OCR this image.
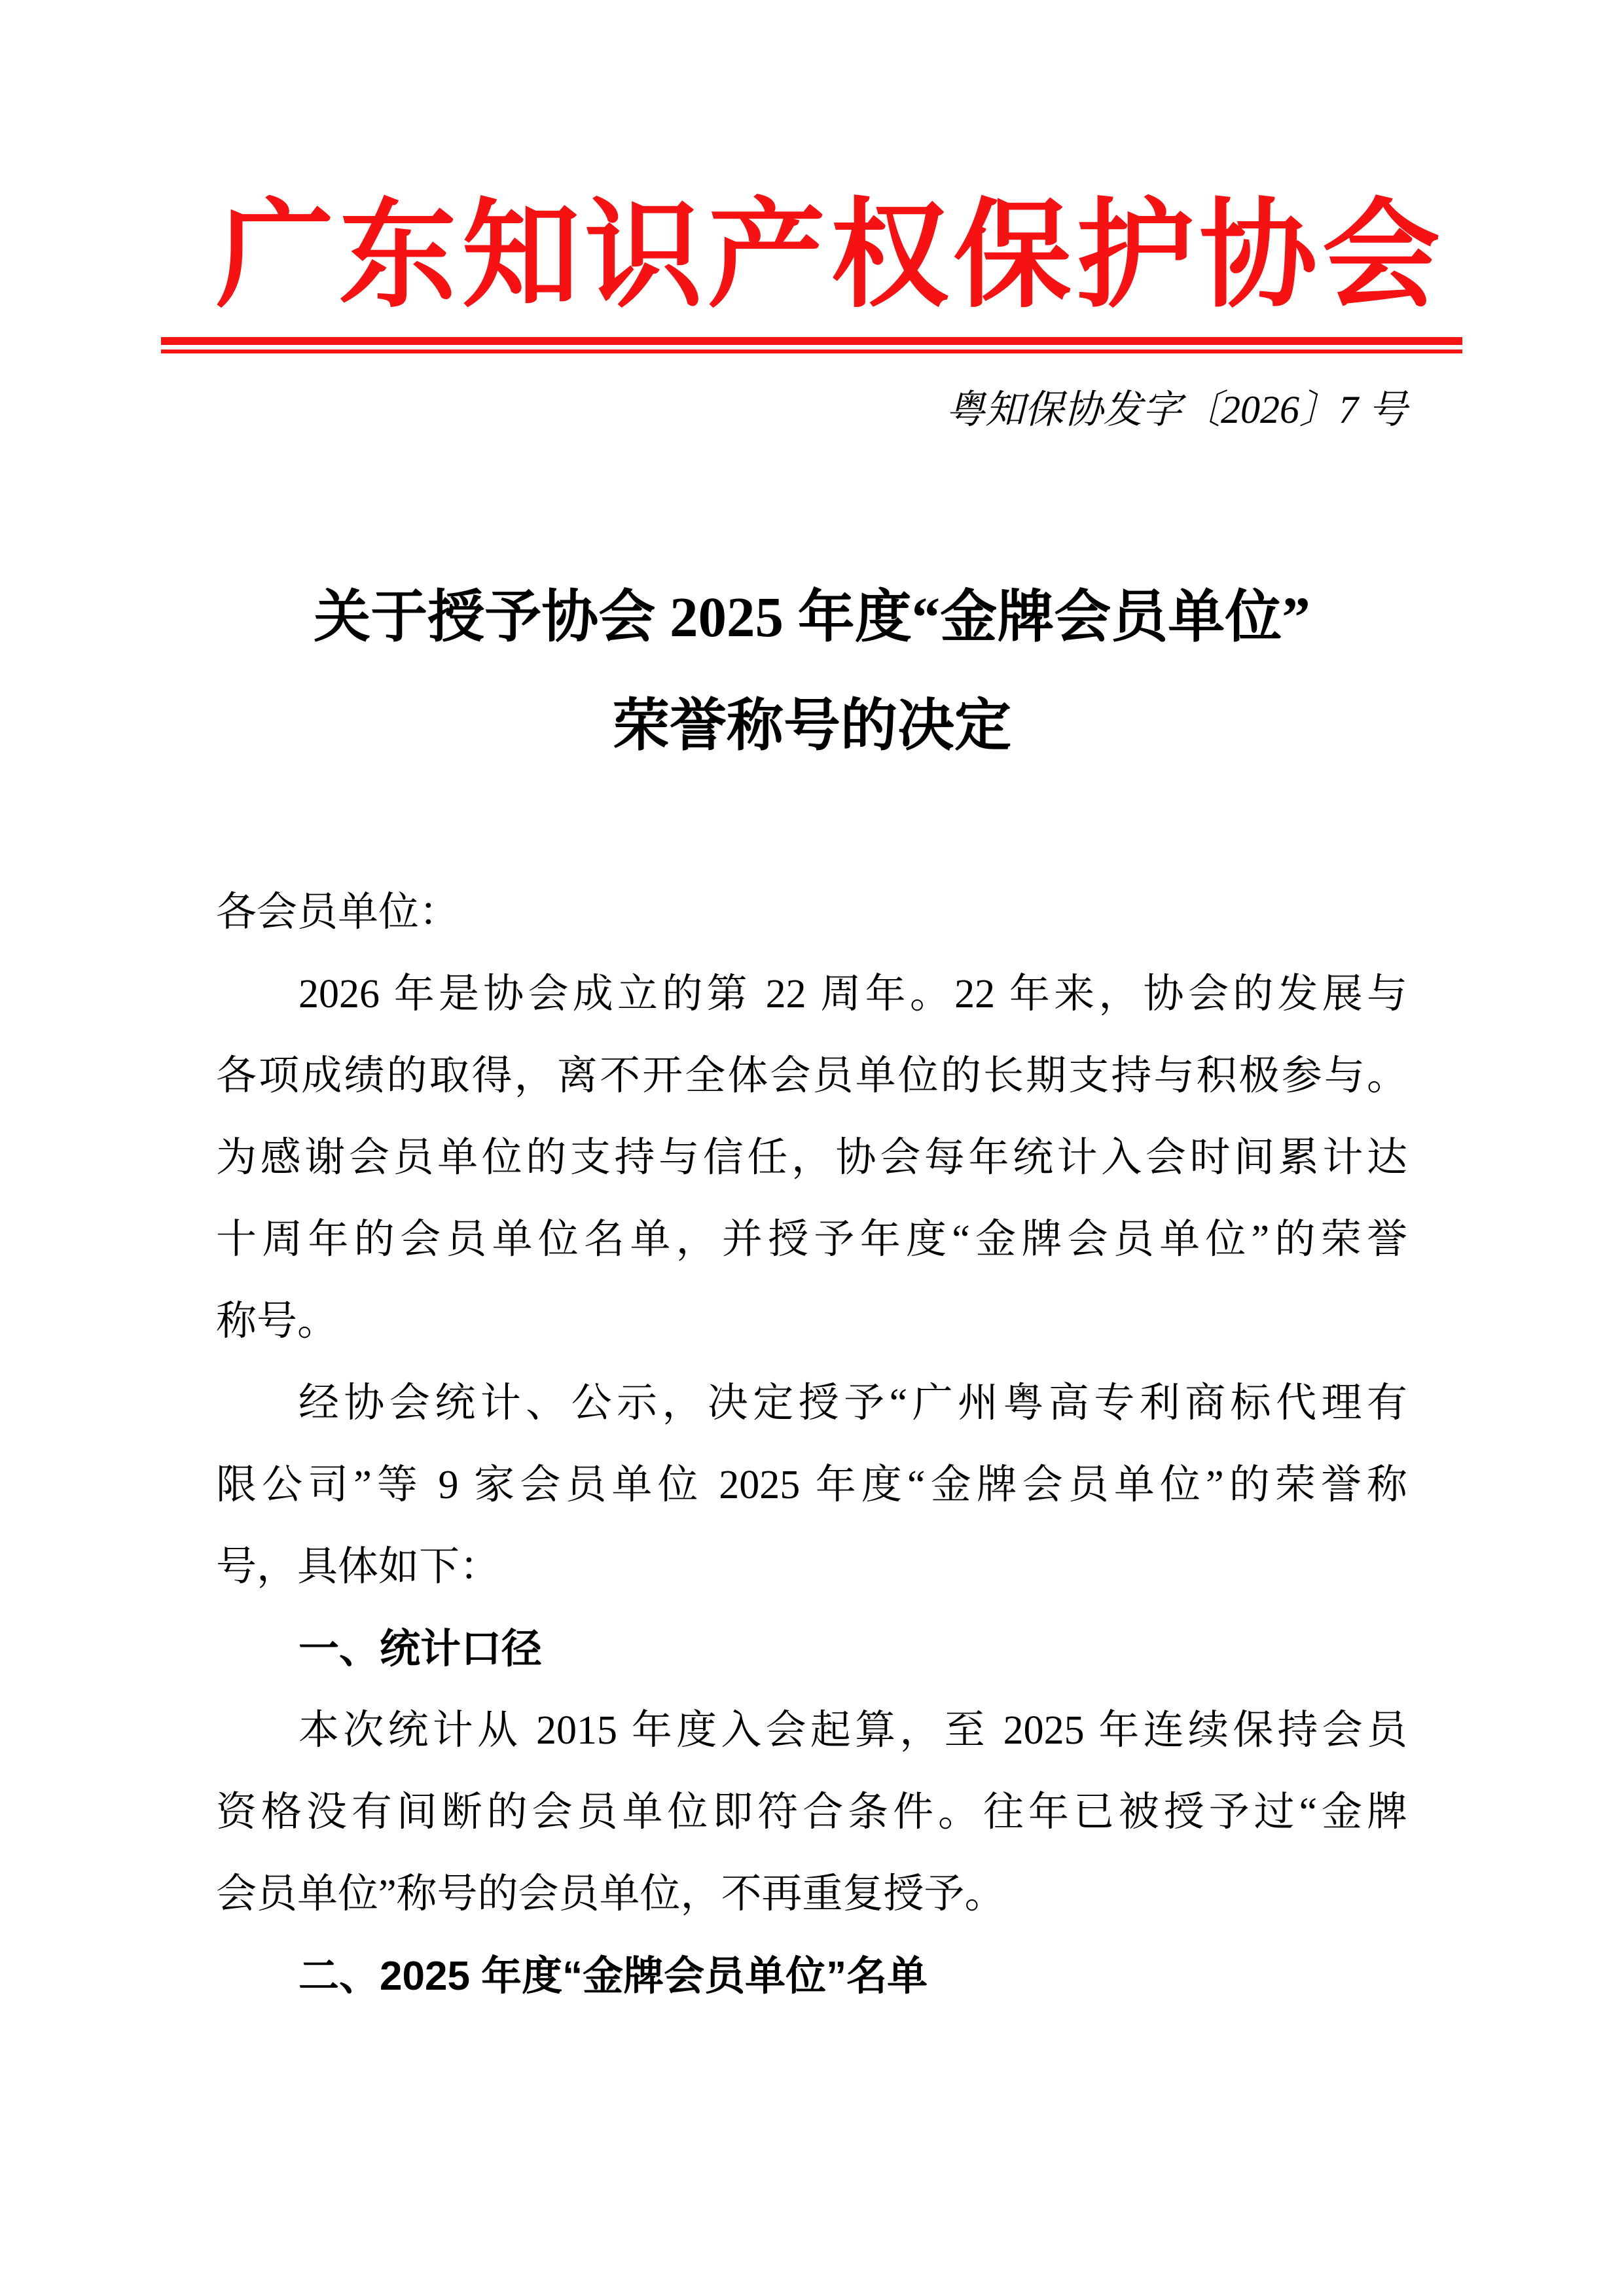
广 东 知 识 产 权 保 护 协 会
粤知保协发字〔2026〕7 号
关于授予协会 2025 年度“金牌会员单位”
荣誉称号的决定
各会员单位：
2026 年是协会成立的第 22 周年。22 年来，协会的发展与
各项成绩的取得，离不开全体会员单位的长期支持与积极参与。
为感谢会员单位的支持与信任，协会每年统计入会时间累计达
十周年的会员单位名单，并授予年度“金牌会员单位”的荣誉
称号。
经协会统计、公示，决定授予“广州粤高专利商标代理有
限公司”等 9 家会员单位 2025 年度“金牌会员单位”的荣誉称
号，具体如下：
一、统计口径
本次统计从 2015 年度入会起算，至 2025 年连续保持会员
资格没有间断的会员单位即符合条件。往年已被授予过“金牌
会员单位”称号的会员单位，不再重复授予。
二、2025 年度“金牌会员单位”名单
